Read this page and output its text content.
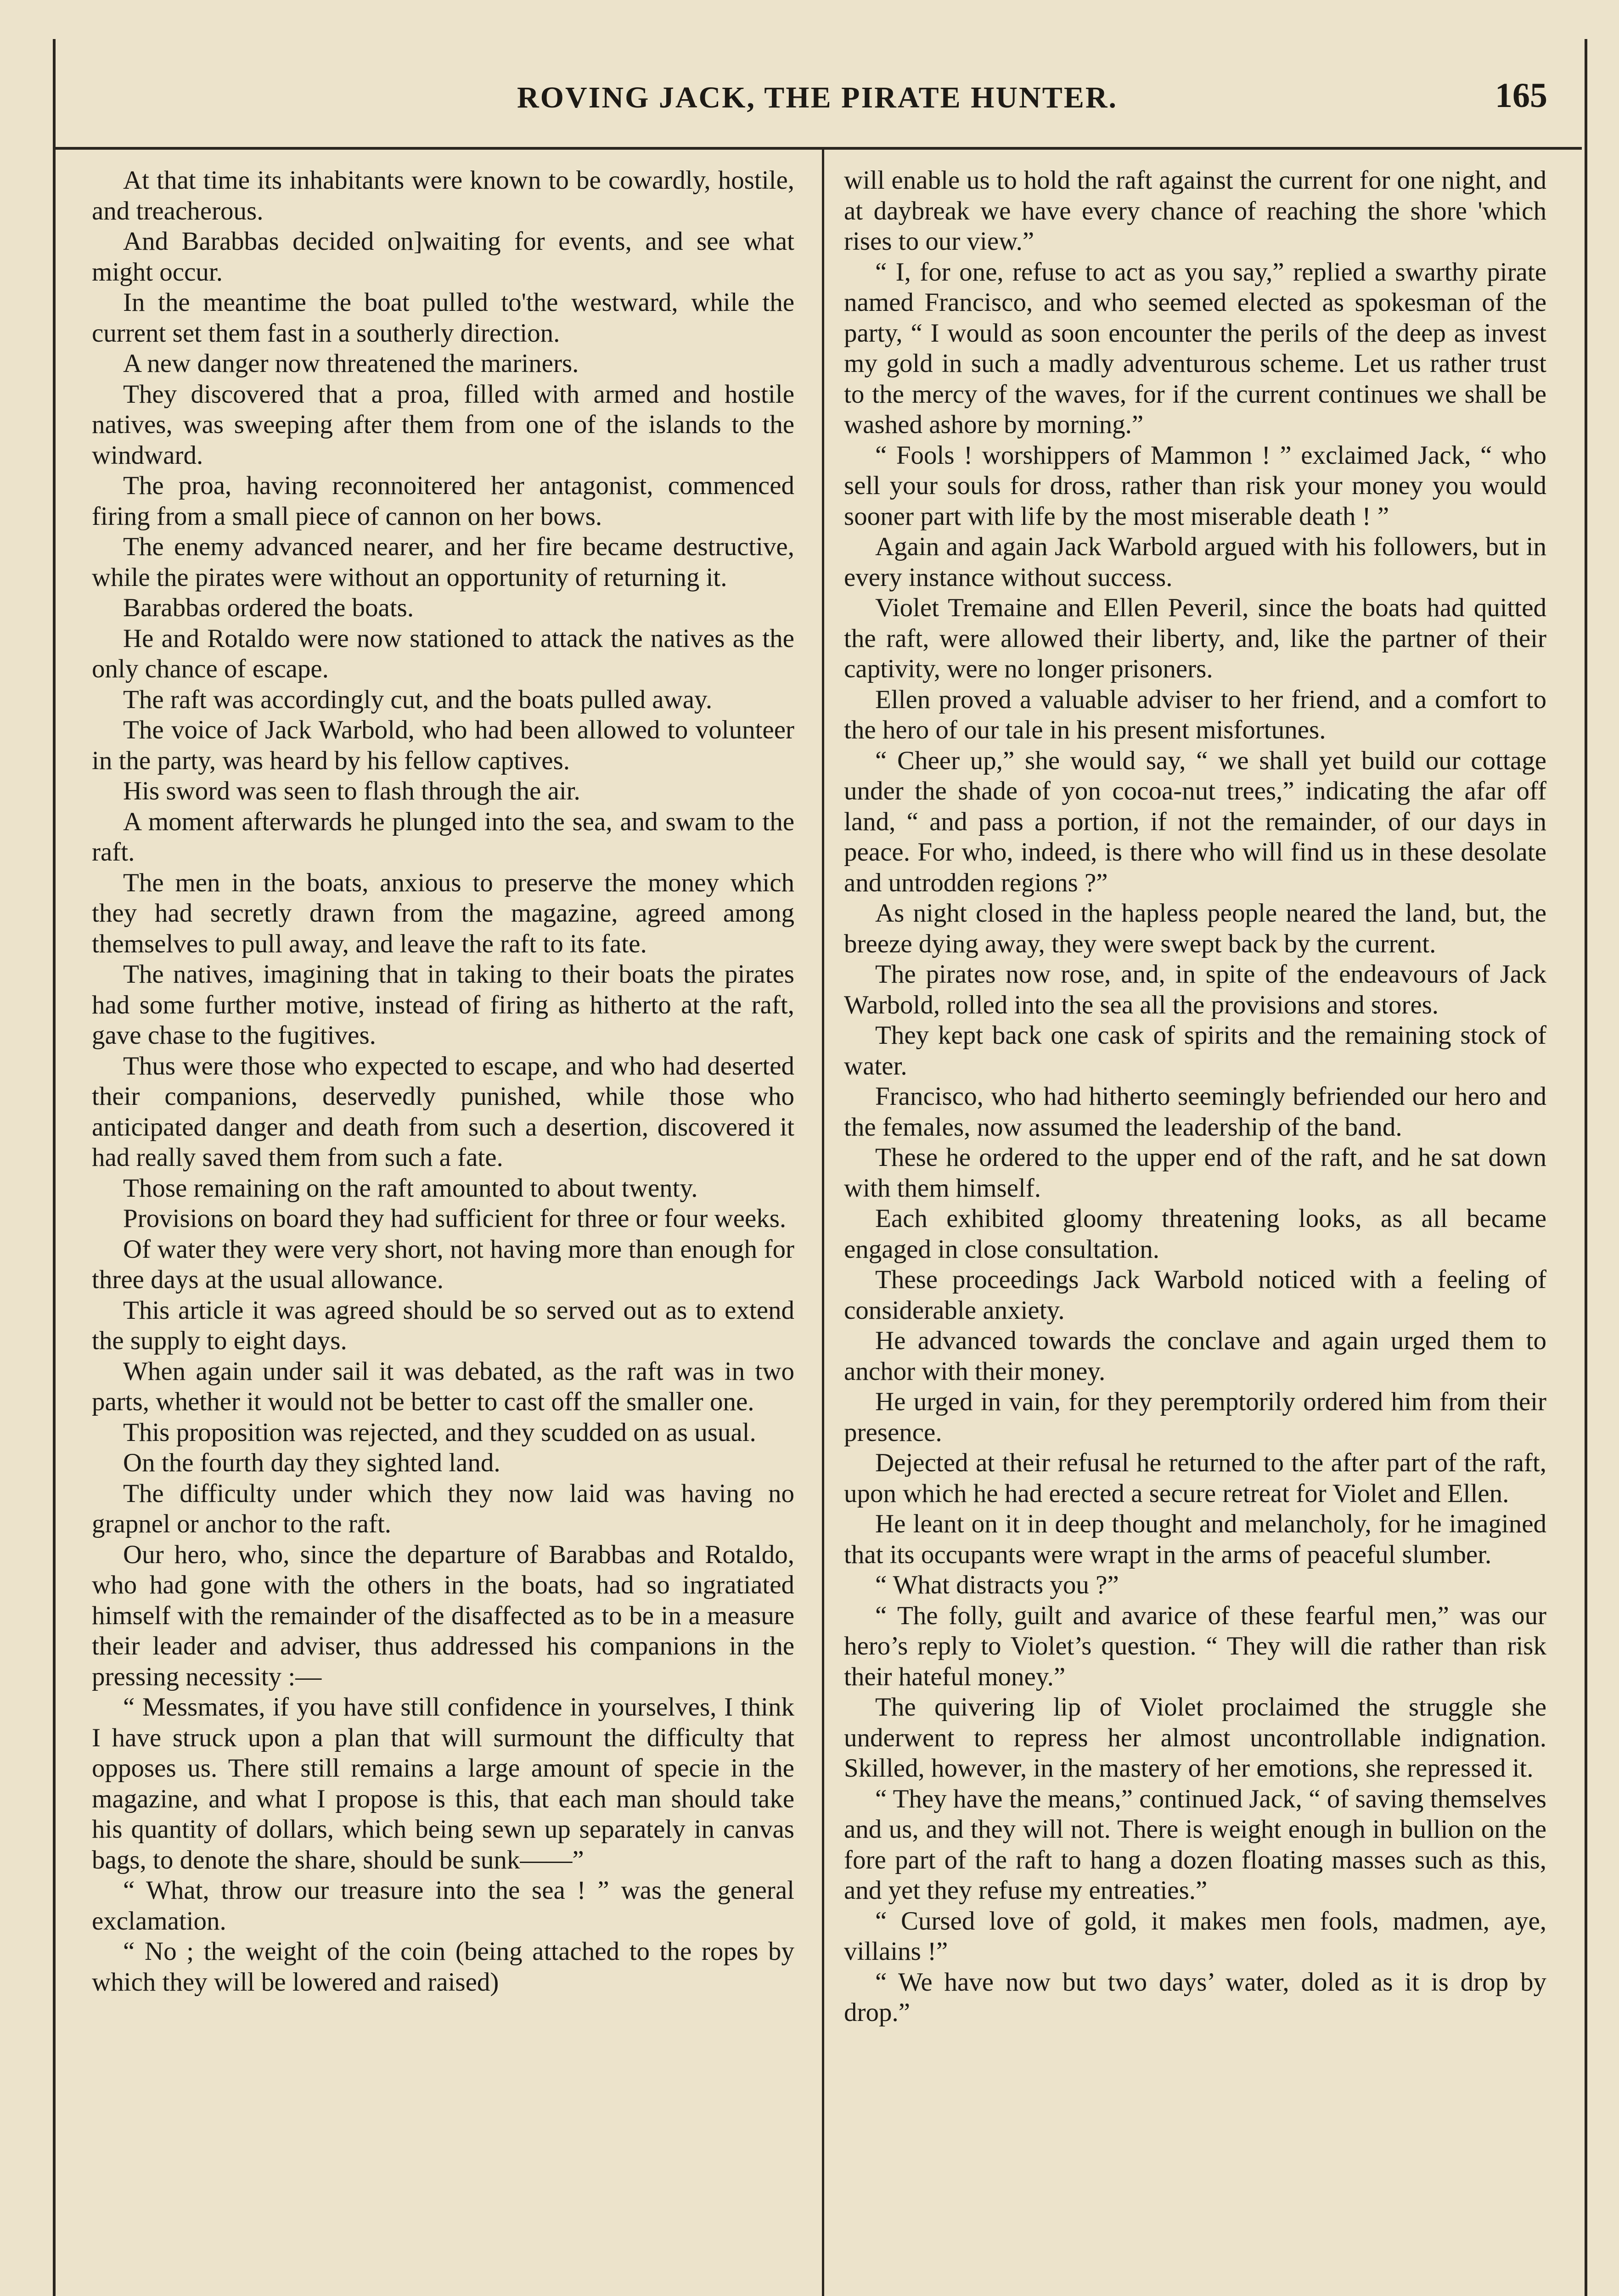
ROVING JACK, THE PIRATE HUNTER.	165

At that time its inhabitants were known to be cowardly, hostile, and treacherous.

And Barabbas decided on]waiting for events, and see what might occur.

In the meantime the boat pulled to'the westward, while the current set them fast in a southerly direction.

A new danger now threatened the mariners.

They discovered that a proa, filled with armed and hostile natives, was sweeping after them from one of the islands to the windward.

The proa, having reconnoitered her antagonist, commenced firing from a small piece of cannon on her bows.

The enemy advanced nearer, and her fire became destructive, while the pirates were without an opportunity of returning it.

Barabbas ordered the boats.

He and Rotaldo were now stationed to attack the natives as the only chance of escape.

The raft was accordingly cut, and the boats pulled away.

The voice of Jack Warbold, who had been allowed to volunteer in the party, was heard by his fellow captives.

His sword was seen to flash through the air.

A moment afterwards he plunged into the sea, and swam to the raft.

The men in the boats, anxious to preserve the money which they had secretly drawn from the magazine, agreed among themselves to pull away, and leave the raft to its fate.

The natives, imagining that in taking to their boats the pirates had some further motive, instead of firing as hitherto at the raft, gave chase to the fugitives.

Thus were those who expected to escape, and who had deserted their companions, deservedly punished, while those who anticipated danger and death from such a desertion, discovered it had really saved them from such a fate.

Those remaining on the raft amounted to about twenty.

Provisions on board they had sufficient for three or four weeks.

Of water they were very short, not having more than enough for three days at the usual allowance.

This article it was agreed should be so served out as to extend the supply to eight days.

When again under sail it was debated, as the raft was in two parts, whether it would not be better to cast off the smaller one.

This proposition was rejected, and they scudded on as usual.

On the fourth day they sighted land.

The difficulty under which they now laid was having no grapnel or anchor to the raft.

Our hero, who, since the departure of Barabbas and Rotaldo, who had gone with the others in the boats, had so ingratiated himself with the remainder of the disaffected as to be in a measure their leader and adviser, thus addressed his companions in the pressing necessity :—

“ Messmates, if you have still confidence in yourselves, I think I have struck upon a plan that will surmount the difficulty that opposes us. There still remains a large amount of specie in the magazine, and what I propose is this, that each man should take his quantity of dollars, which being sewn up separately in canvas bags, to denote the share, should be sunk——”

“ What, throw our treasure into the sea ! ” was the general exclamation.

“ No ; the weight of the coin (being attached to the ropes by which they will be lowered and raised)

will enable us to hold the raft against the current for one night, and at daybreak we have every chance of reaching the shore 'which rises to our view.”

“ I, for one, refuse to act as you say,” replied a swarthy pirate named Francisco, and who seemed elected as spokesman of the party, “ I would as soon encounter the perils of the deep as invest my gold in such a madly adventurous scheme. Let us rather trust to the mercy of the waves, for if the current continues we shall be washed ashore by morning.”

“ Fools ! worshippers of Mammon ! ” exclaimed Jack, “ who sell your souls for dross, rather than risk your money you would sooner part with life by the most miserable death ! ”

Again and again Jack Warbold argued with his followers, but in every instance without success.

Violet Tremaine and Ellen Peveril, since the boats had quitted the raft, were allowed their liberty, and, like the partner of their captivity, were no longer prisoners.

Ellen proved a valuable adviser to her friend, and a comfort to the hero of our tale in his present misfortunes.

“ Cheer up,” she would say, “ we shall yet build our cottage under the shade of yon cocoa-nut trees,” indicating the afar off land, “ and pass a portion, if not the remainder, of our days in peace. For who, indeed, is there who will find us in these desolate and untrodden regions ?”

As night closed in the hapless people neared the land, but, the breeze dying away, they were swept back by the current.

The pirates now rose, and, in spite of the endeavours of Jack Warbold, rolled into the sea all the provisions and stores.

They kept back one cask of spirits and the remaining stock of water.

Francisco, who had hitherto seemingly befriended our hero and the females, now assumed the leadership of the band.

These he ordered to the upper end of the raft, and he sat down with them himself.

Each exhibited gloomy threatening looks, as all became engaged in close consultation.

These proceedings Jack Warbold noticed with a feeling of considerable anxiety.

He advanced towards the conclave and again urged them to anchor with their money.

He urged in vain, for they peremptorily ordered him from their presence.

Dejected at their refusal he returned to the after part of the raft, upon which he had erected a secure retreat for Violet and Ellen.

He leant on it in deep thought and melancholy, for he imagined that its occupants were wrapt in the arms of peaceful slumber.

“ What distracts you ?”

“ The folly, guilt and avarice of these fearful men,” was our hero’s reply to Violet’s question. “ They will die rather than risk their hateful money.”

The quivering lip of Violet proclaimed the struggle she underwent to repress her almost uncontrollable indignation. Skilled, however, in the mastery of her emotions, she repressed it.

“ They have the means,” continued Jack, “ of saving themselves and us, and they will not. There is weight enough in bullion on the fore part of the raft to hang a dozen floating masses such as this, and yet they refuse my entreaties.”

“ Cursed love of gold, it makes men fools, madmen, aye, villains !”

“ We have now but two days’ water, doled as it is drop by drop.”
